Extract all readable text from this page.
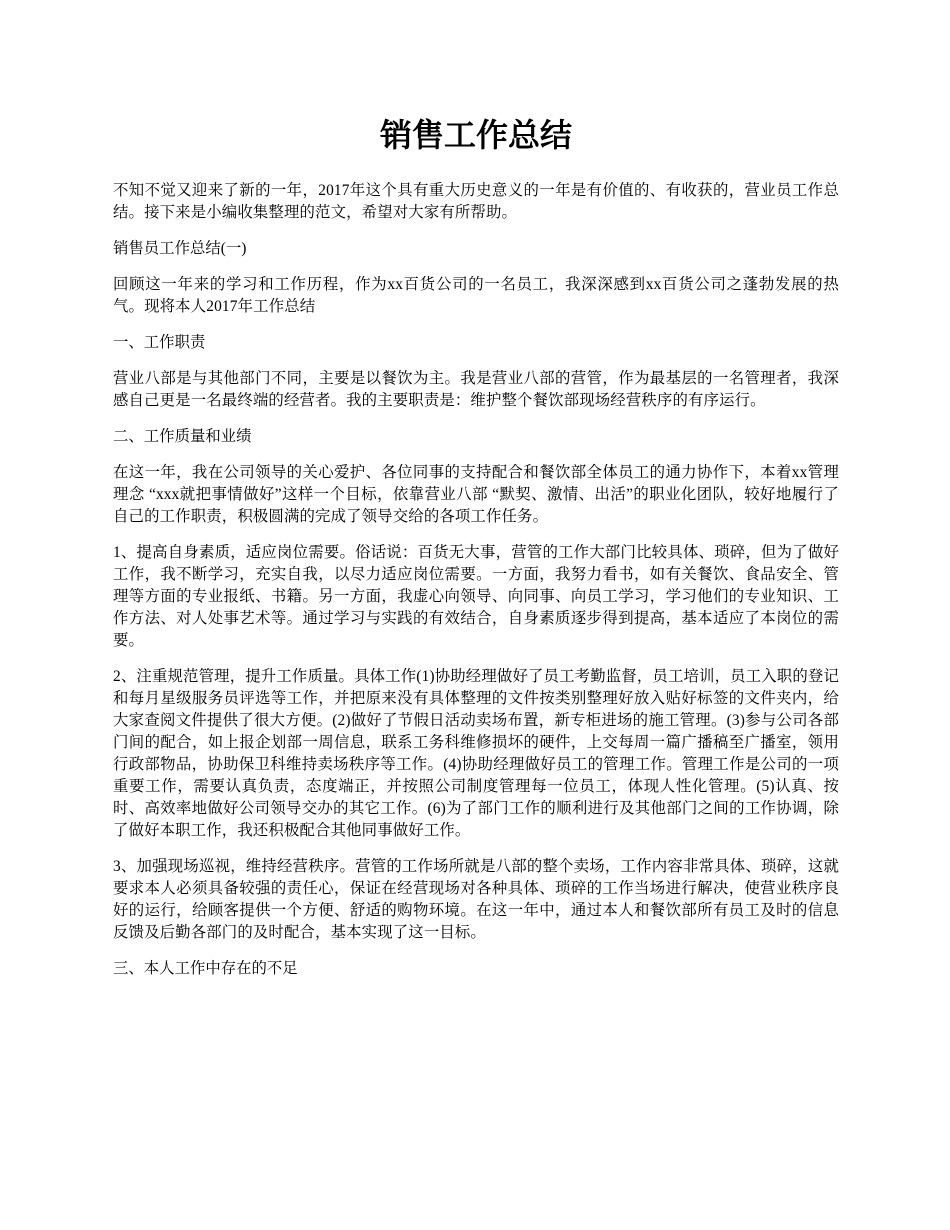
销售工作总结

不知不觉又迎来了新的一年，2017年这个具有重大历史意义的一年是有价值的、有收获的，营业员工作总结。接下来是小编收集整理的范文，希望对大家有所帮助。

销售员工作总结(一)

回顾这一年来的学习和工作历程，作为xx百货公司的一名员工，我深深感到xx百货公司之蓬勃发展的热气。现将本人2017年工作总结

一、工作职责

营业八部是与其他部门不同，主要是以餐饮为主。我是营业八部的营管，作为最基层的一名管理者，我深感自己更是一名最终端的经营者。我的主要职责是：维护整个餐饮部现场经营秩序的有序运行。

二、工作质量和业绩

在这一年，我在公司领导的关心爱护、各位同事的支持配合和餐饮部全体员工的通力协作下，本着xx管理理念 “xxx就把事情做好”这样一个目标，依靠营业八部 “默契、激情、出活”的职业化团队，较好地履行了自己的工作职责，积极圆满的完成了领导交给的各项工作任务。

1、提高自身素质，适应岗位需要。俗话说：百货无大事，营管的工作大部门比较具体、琐碎，但为了做好工作，我不断学习，充实自我，以尽力适应岗位需要。一方面，我努力看书，如有关餐饮、食品安全、管理等方面的专业报纸、书籍。另一方面，我虚心向领导、向同事、向员工学习，学习他们的专业知识、工作方法、对人处事艺术等。通过学习与实践的有效结合，自身素质逐步得到提高，基本适应了本岗位的需要。

2、注重规范管理，提升工作质量。具体工作(1)协助经理做好了员工考勤监督，员工培训，员工入职的登记和每月星级服务员评选等工作，并把原来没有具体整理的文件按类别整理好放入贴好标签的文件夹内，给大家查阅文件提供了很大方便。(2)做好了节假日活动卖场布置，新专柜进场的施工管理。(3)参与公司各部门间的配合，如上报企划部一周信息，联系工务科维修损坏的硬件，上交每周一篇广播稿至广播室，领用行政部物品，协助保卫科维持卖场秩序等工作。(4)协助经理做好员工的管理工作。管理工作是公司的一项重要工作，需要认真负责，态度端正，并按照公司制度管理每一位员工，体现人性化管理。(5)认真、按时、高效率地做好公司领导交办的其它工作。(6)为了部门工作的顺利进行及其他部门之间的工作协调，除了做好本职工作，我还积极配合其他同事做好工作。

3、加强现场巡视，维持经营秩序。营管的工作场所就是八部的整个卖场，工作内容非常具体、琐碎，这就要求本人必须具备较强的责任心，保证在经营现场对各种具体、琐碎的工作当场进行解决，使营业秩序良好的运行，给顾客提供一个方便、舒适的购物环境。在这一年中，通过本人和餐饮部所有员工及时的信息反馈及后勤各部门的及时配合，基本实现了这一目标。

三、本人工作中存在的不足
